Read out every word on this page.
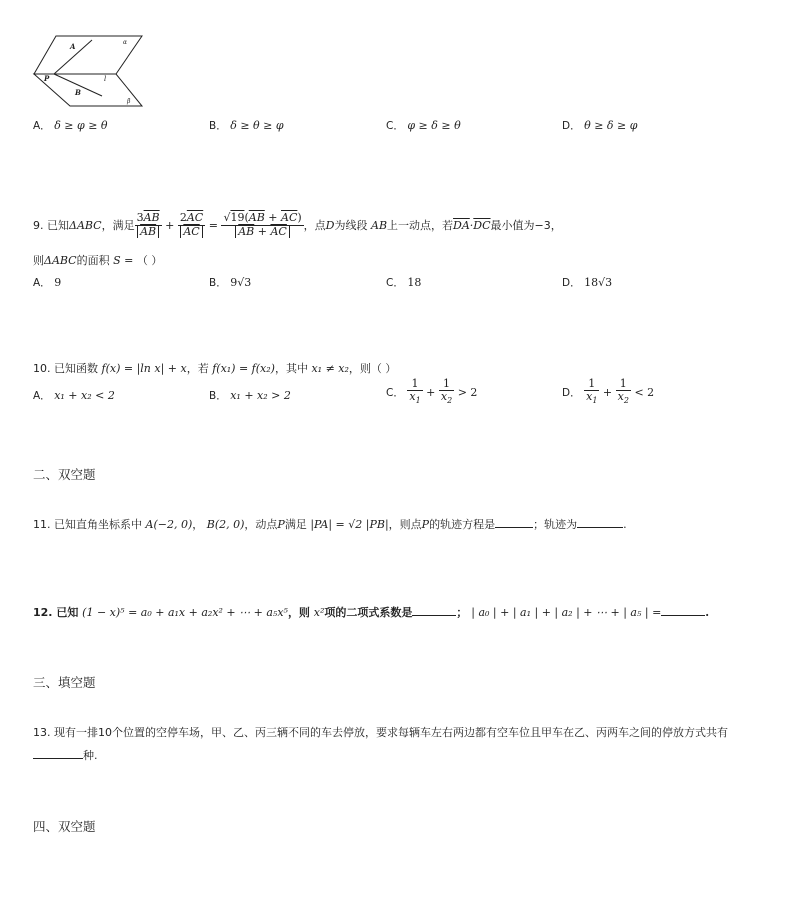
A	α
P	l
B
β
A． δ ≥ φ ≥ θ	B． δ ≥ θ ≥ φ	C． φ ≥ δ ≥ θ	D． θ ≥ δ ≥ φ
9. 已知 ΔABC ，满足 $\frac{3\overline{AB}}{AB} + \frac{2\overline{AC}}{AC} = \frac{√19(\overline{AB} + \overline{AC})}{\overline{AB} + \overline{AC}}$ ，点 D 为线段
AB 上一动点，若 $\overline{DA}\cdot\overline{DC}$ 最小值为−3，
则ΔABC的面积 S = （ ）
A． 9	B． 9√3	C． 18	D． 18√3
10. 已知函数 f(x) = |ln x| + x，若 f(x₁) = f(x₂)，其中 x₁ ≠ x₂，则（ ）
A． x₁ + x₂ < 2	B． x₁ + x₂ > 2	C．
$\frac{1}{x_1} + \frac{1}{x_2}$
> 2	D．
$\frac{1}{x_1} + \frac{1}{x_2}$
< 2
二、双空题
11. 已知直角坐标系中 A(−2, 0)， B(2, 0)，动点P满足 |PA| = √2 |PB|，则点P的轨迹方程是	；轨迹为	.
12. 已知 (1 − x)⁵ = a₀ + a₁x + a₂x² + ⋯ + a₅x⁵，则 x²项的二项式系数是	； | a₀ | + | a₁ | + | a₂ | + ⋯ + | a₅ | =	.
三、填空题
13. 现有一排10个位置的空停车场，甲、乙、丙三辆不同的车去停放，要求每辆车左右两边都有空车位且甲车在乙、丙两车之间的停放方式共有
种.
四、双空题
